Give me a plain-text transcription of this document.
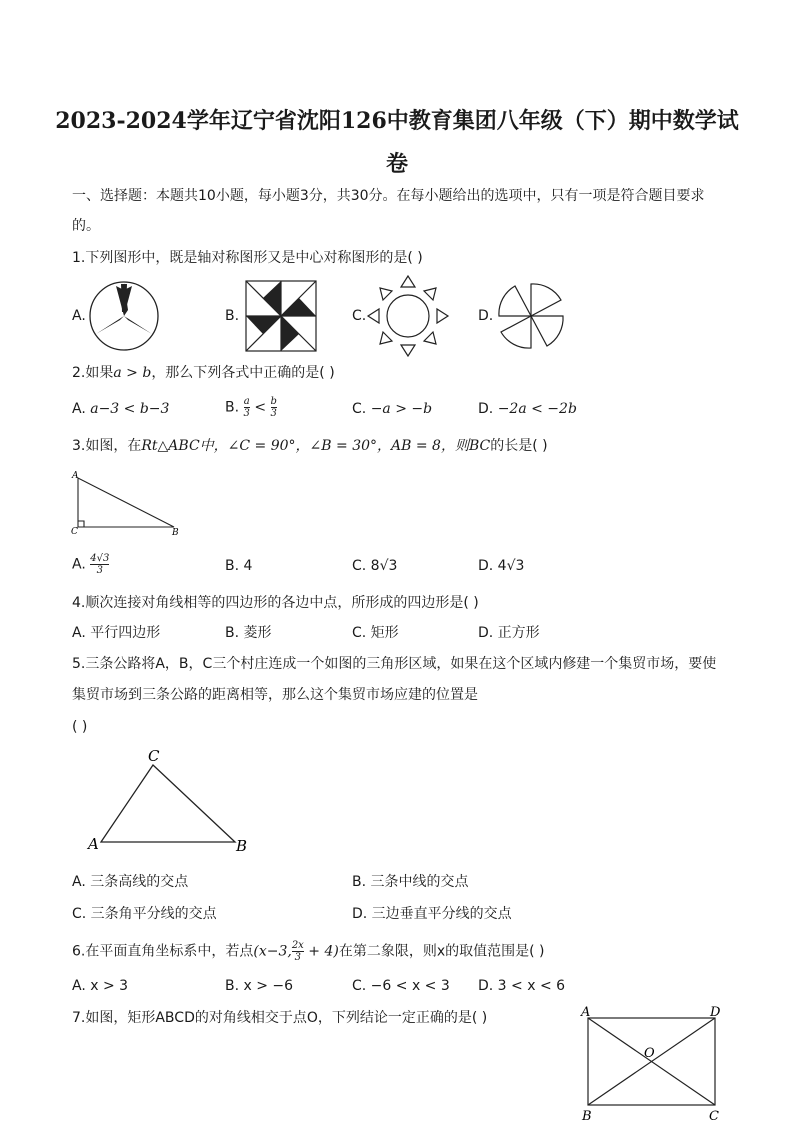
2023-2024学年辽宁省沈阳126中教育集团八年级（下）期中数学试
卷
一、选择题：本题共10小题，每小题3分，共30分。在每小题给出的选项中，只有一项是符合题目要求
的。
1.下列图形中，既是轴对称图形又是中心对称图形的是( )
A.	B.	C.	D.
2.如果a > b，那么下列各式中正确的是( )
A. a−3 < b−3	B. $\frac{a}{3} < \frac{b}{3}$	C. −a > −b	D. −2a < −2b
3.如图，在Rt△ABC中，∠C = 90°，∠B = 30°，AB = 8，则BC的长是( )
A
C	B
A. $\frac{4√3}{3}$	B. 4	C. 8√3	D. 4√3
4.顺次连接对角线相等的四边形的各边中点，所形成的四边形是( )
A. 平行四边形	B. 菱形	C. 矩形	D. 正方形
5.三条公路将A，B，C三个村庄连成一个如图的三角形区域，如果在这个区域内修建一个集贸市场，要使
集贸市场到三条公路的距离相等，那么这个集贸市场应建的位置是
( )
C
A	B
A. 三条高线的交点	B. 三条中线的交点
C. 三条角平分线的交点	D. 三边垂直平分线的交点
6.在平面直角坐标系中，若点(x−3, $\frac{2x}{3} + 4$)在第二象限，则x的取值范围是( )
A. x > 3	B. x > −6	C. −6 < x < 3 D. 3 < x < 6
7.如图，矩形ABCD的对角线相交于点O，下列结论一定正确的是( )	A	D
O
B	C
